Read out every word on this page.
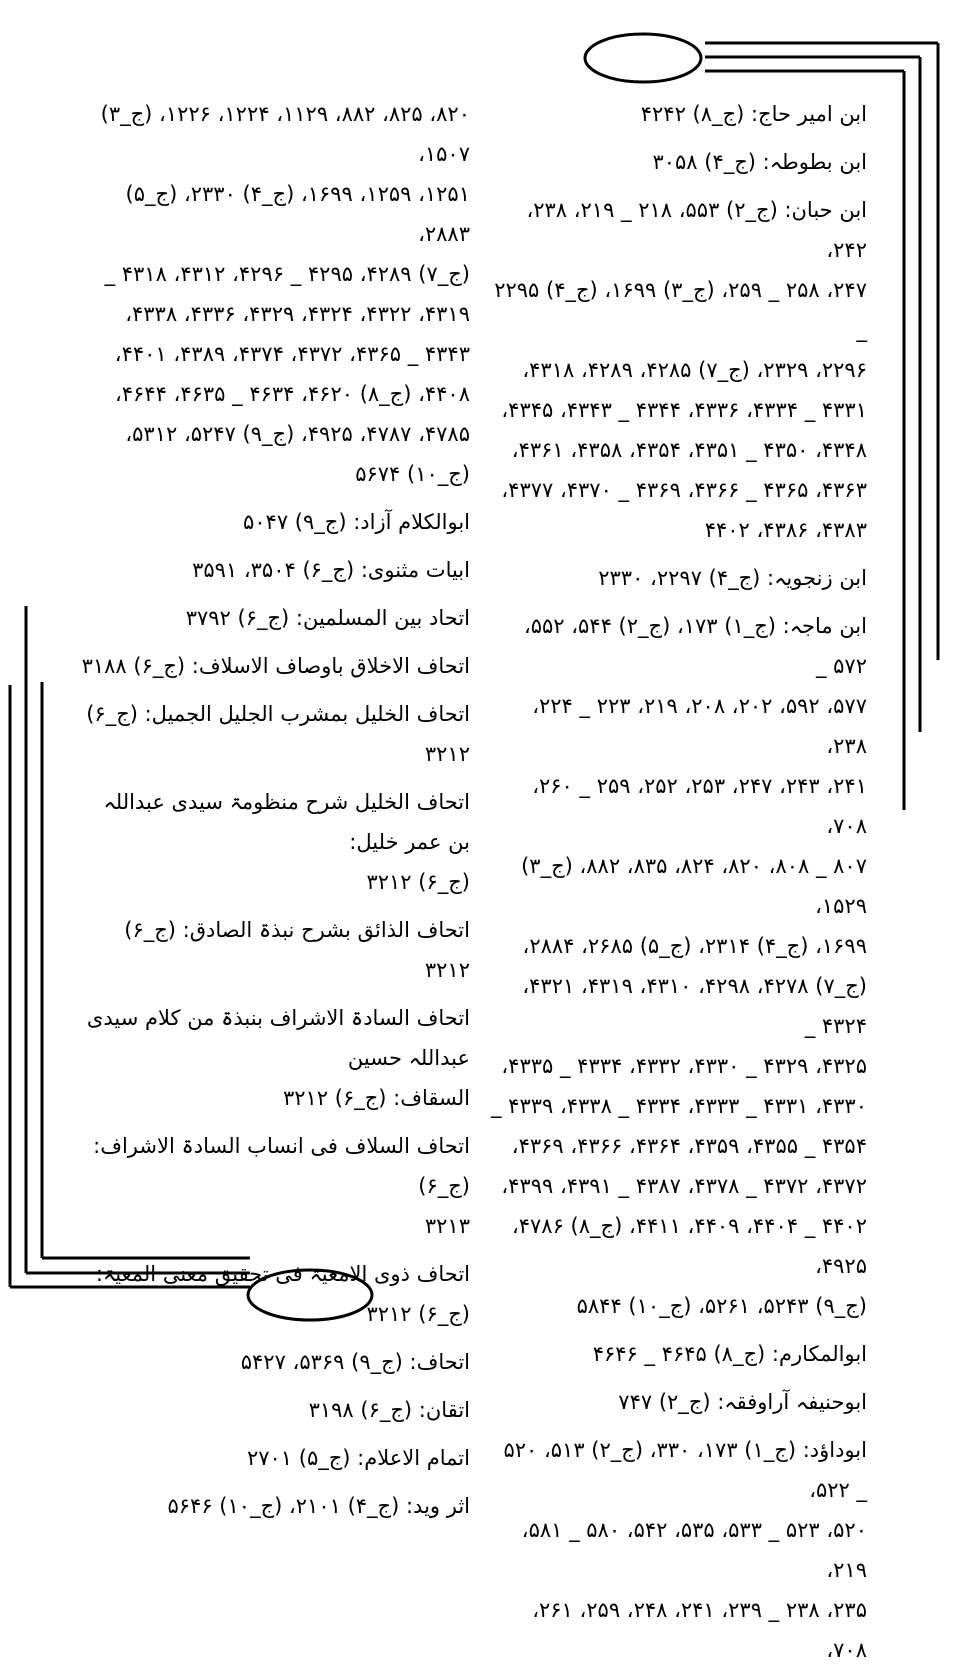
ابن امیر حاج: (ج_۸) ۴۲۴۲

ابن بطوطہ: (ج_۴) ۳۰۵۸

ابن حبان: (ج_۲) ۵۵۳، ۲۱۸ _ ۲۱۹، ۲۳۸، ۲۴۲،

۲۴۷، ۲۵۸ _ ۲۵۹، (ج_۳) ۱۶۹۹، (ج_۴) ۲۲۹۵ _

۲۲۹۶، ۲۳۲۹، (ج_۷) ۴۲۸۵، ۴۲۸۹، ۴۳۱۸،

۴۳۳۱ _ ۴۳۳۴، ۴۳۳۶، ۴۳۴۴ _ ۴۳۴۳، ۴۳۴۵،

۴۳۴۸، ۴۳۵۰ _ ۴۳۵۱، ۴۳۵۴، ۴۳۵۸، ۴۳۶۱،

۴۳۶۳، ۴۳۶۵ _ ۴۳۶۶، ۴۳۶۹ _ ۴۳۷۰، ۴۳۷۷،

۴۳۸۳، ۴۳۸۶، ۴۴۰۲

ابن زنجویہ: (ج_۴) ۲۲۹۷، ۲۳۳۰

ابن ماجہ: (ج_۱) ۱۷۳، (ج_۲) ۵۴۴، ۵۵۲، ۵۷۲ _

۵۷۷، ۵۹۲، ۲۰۲، ۲۰۸، ۲۱۹، ۲۲۳ _ ۲۲۴، ۲۳۸،

۲۴۱، ۲۴۳، ۲۴۷، ۲۵۳، ۲۵۲، ۲۵۹ _ ۲۶۰، ۷۰۸،

۸۰۷ _ ۸۰۸، ۸۲۰، ۸۲۴، ۸۳۵، ۸۸۲، (ج_۳) ۱۵۲۹،

۱۶۹۹، (ج_۴) ۲۳۱۴، (ج_۵) ۲۶۸۵، ۲۸۸۴،

(ج_۷) ۴۲۷۸، ۴۲۹۸، ۴۳۱۰، ۴۳۱۹، ۴۳۲۱، ۴۳۲۴ _

۴۳۲۵، ۴۳۲۹ _ ۴۳۳۰، ۴۳۳۲، ۴۳۳۴ _ ۴۳۳۵،

۴۳۳۰، ۴۳۳۱ _ ۴۳۳۳، ۴۳۳۴ _ ۴۳۳۸، ۴۳۳۹ _

۴۳۵۴ _ ۴۳۵۵، ۴۳۵۹، ۴۳۶۴، ۴۳۶۶، ۴۳۶۹،

۴۳۷۲، ۴۳۷۲ _ ۴۳۷۸، ۴۳۸۷ _ ۴۳۹۱، ۴۳۹۹،

۴۴۰۲ _ ۴۴۰۴، ۴۴۰۹، ۴۴۱۱، (ج_۸) ۴۷۸۶، ۴۹۲۵،

(ج_۹) ۵۲۴۳، ۵۲۶۱، (ج_۱۰) ۵۸۴۴

ابوالمکارم: (ج_۸) ۴۶۴۵ _ ۴۶۴۶

ابوحنیفہ آراوفقہ: (ج_۲) ۷۴۷

ابوداؤد: (ج_۱) ۱۷۳، ۳۳۰، (ج_۲) ۵۱۳، ۵۲۰ _ ۵۲۲،

۵۲۰، ۵۲۳ _ ۵۳۳، ۵۳۵، ۵۴۲، ۵۸۰ _ ۵۸۱، ۲۱۹،

۲۳۵، ۲۳۸ _ ۲۳۹، ۲۴۱، ۲۴۸، ۲۵۹، ۲۶۱، ۷۰۸،

۸۲۰، ۸۲۵، ۸۸۲، ۱۱۲۹، ۱۲۲۴، ۱۲۲۶، (ج_۳) ۱۵۰۷،

۱۲۵۱، ۱۲۵۹، ۱۶۹۹، (ج_۴) ۲۳۳۰، (ج_۵) ۲۸۸۳،

(ج_۷) ۴۲۸۹، ۴۲۹۵ _ ۴۲۹۶، ۴۳۱۲، ۴۳۱۸ _

۴۳۱۹، ۴۳۲۲، ۴۳۲۴، ۴۳۲۹، ۴۳۳۶، ۴۳۳۸،

۴۳۴۳ _ ۴۳۶۵، ۴۳۷۲، ۴۳۷۴، ۴۳۸۹، ۴۴۰۱،

۴۴۰۸، (ج_۸) ۴۶۲۰، ۴۶۳۴ _ ۴۶۳۵، ۴۶۴۴،

۴۷۸۵، ۴۷۸۷، ۴۹۲۵، (ج_۹) ۵۲۴۷، ۵۳۱۲،

(ج_۱۰) ۵۶۷۴

ابوالکلام آزاد: (ج_۹) ۵۰۴۷

ابیات مثنوی: (ج_۶) ۳۵۰۴، ۳۵۹۱

اتحاد بین المسلمین: (ج_۶) ۳۷۹۲

اتحاف الاخلاق باوصاف الاسلاف: (ج_۶) ۳۱۸۸

اتحاف الخلیل بمشرب الجلیل الجمیل: (ج_۶) ۳۲۱۲

اتحاف الخلیل شرح منظومۃ سیدی عبداللہ بن عمر خلیل:

(ج_۶) ۳۲۱۲

اتحاف الذائق بشرح نبذۃ الصادق: (ج_۶) ۳۲۱۲

اتحاف السادۃ الاشراف بنبذۃ من کلام سیدی عبداللہ حسین

السقاف: (ج_۶) ۳۲۱۲

اتحاف السلاف فی انساب السادۃ الاشراف: (ج_۶)

۳۲۱۳

اتحاف ذوی الامعیۃ فی تحقیق معنی المعیۃ: (ج_۶) ۳۲۱۲

اتحاف: (ج_۹) ۵۳۶۹، ۵۴۲۷

اتقان: (ج_۶) ۳۱۹۸

اتمام الاعلام: (ج_۵) ۲۷۰۱

اثر وید: (ج_۴) ۲۱۰۱، (ج_۱۰) ۵۶۴۶
